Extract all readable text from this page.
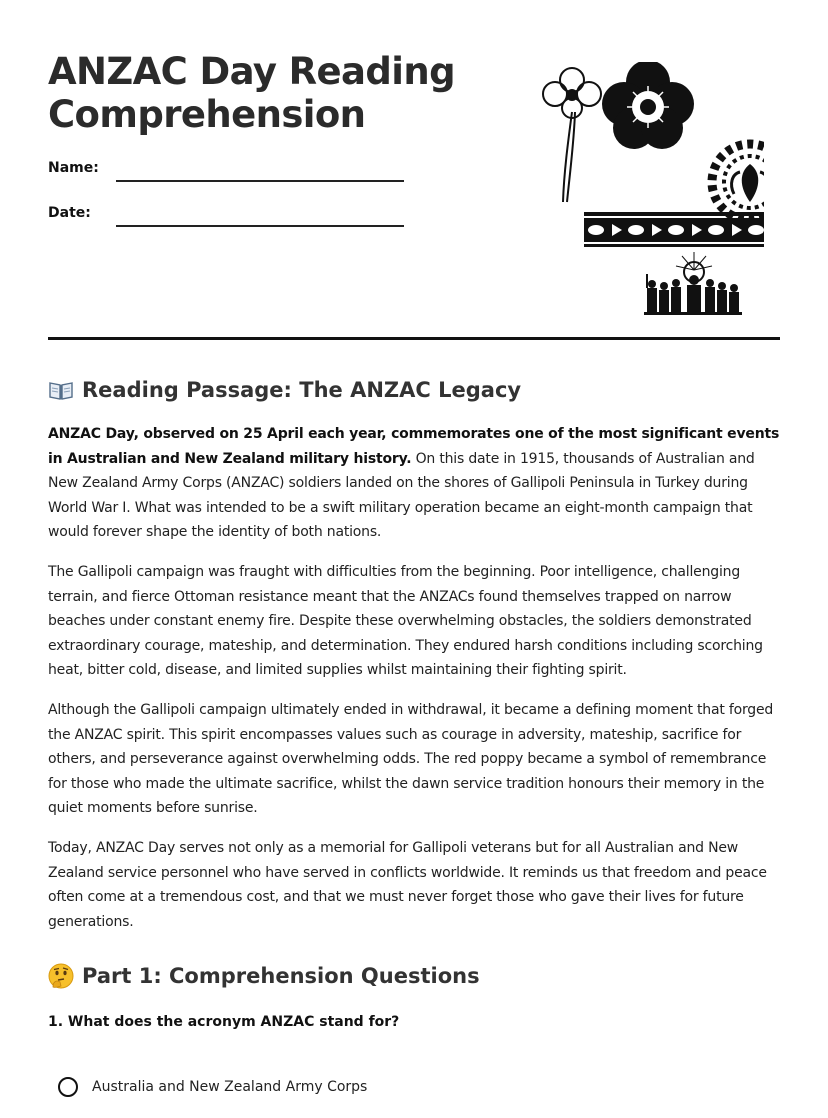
ANZAC Day Reading
Comprehension
Name:
Date:
Reading Passage: The ANZAC Legacy

ANZAC Day, observed on 25 April each year, commemorates one of the most significant events in Australian and New Zealand military history. On this date in 1915, thousands of Australian and New Zealand Army Corps (ANZAC) soldiers landed on the shores of Gallipoli Peninsula in Turkey during World War I. What was intended to be a swift military operation became an eight-month campaign that would forever shape the identity of both nations.

The Gallipoli campaign was fraught with difficulties from the beginning. Poor intelligence, challenging terrain, and fierce Ottoman resistance meant that the ANZACs found themselves trapped on narrow beaches under constant enemy fire. Despite these overwhelming obstacles, the soldiers demonstrated extraordinary courage, mateship, and determination. They endured harsh conditions including scorching heat, bitter cold, disease, and limited supplies whilst maintaining their fighting spirit.

Although the Gallipoli campaign ultimately ended in withdrawal, it became a defining moment that forged the ANZAC spirit. This spirit encompasses values such as courage in adversity, mateship, sacrifice for others, and perseverance against overwhelming odds. The red poppy became a symbol of remembrance for those who made the ultimate sacrifice, whilst the dawn service tradition honours their memory in the quiet moments before sunrise.

Today, ANZAC Day serves not only as a memorial for Gallipoli veterans but for all Australian and New Zealand service personnel who have served in conflicts worldwide. It reminds us that freedom and peace often come at a tremendous cost, and that we must never forget those who gave their lives for future generations.

Part 1: Comprehension Questions

1. What does the acronym ANZAC stand for?

Australia and New Zealand Army Corps
